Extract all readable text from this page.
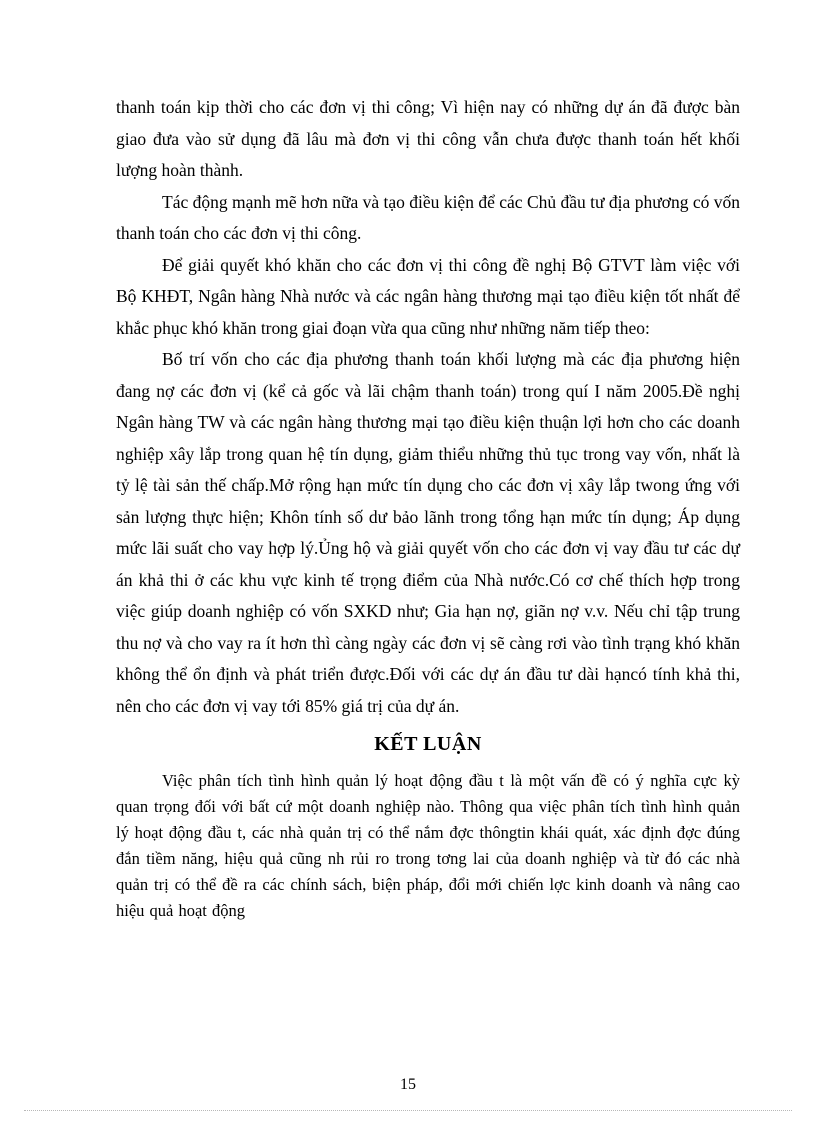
thanh toán kịp thời cho các đơn vị thi công; Vì hiện nay có những dự án đã được bàn giao đưa vào sử dụng đã lâu mà đơn vị thi công vẫn chưa được thanh toán hết khối lượng hoàn thành.

Tác động mạnh mẽ hơn nữa và tạo điều kiện để các Chủ đầu tư địa phương có vốn thanh toán cho các đơn vị thi công.

Để giải quyết khó khăn cho các đơn vị thi công đề nghị Bộ GTVT làm việc với Bộ KHĐT, Ngân hàng Nhà nước và các ngân hàng thương mại tạo điều kiện tốt nhất để khắc phục khó khăn trong giai đoạn vừa qua cũng như những năm tiếp theo:

Bố trí vốn cho các địa phương thanh toán khối lượng mà các địa phương hiện đang nợ các đơn vị (kể cả gốc và lãi chậm thanh toán) trong quí I năm 2005.Đề nghị Ngân hàng TW và các ngân hàng thương mại tạo điều kiện thuận lợi hơn cho các doanh nghiệp xây lắp trong quan hệ tín dụng, giảm thiểu những thủ tục trong vay vốn, nhất là tỷ lệ tài sản thế chấp.Mở rộng hạn mức tín dụng cho các đơn vị xây lắp twong ứng với sản lượng thực hiện; Khôn tính số dư bảo lãnh trong tổng hạn mức tín dụng; Áp dụng mức lãi suất cho vay hợp lý.Ủng hộ và giải quyết vốn cho các đơn vị vay đầu tư các dự án khả thi ở các khu vực kinh tế trọng điểm của Nhà nước.Có cơ chế thích hợp trong việc giúp doanh nghiệp có vốn SXKD như; Gia hạn nợ, giãn nợ v.v. Nếu chỉ tập trung thu nợ và cho vay ra ít hơn thì càng ngày các đơn vị sẽ càng rơi vào tình trạng khó khăn không thể ổn định và phát triển được.Đối với các dự án đầu tư dài hạncó tính khả thi, nên cho các đơn vị vay tới 85% giá trị của dự án.

KẾT LUẬN

Việc phân tích tình hình quản lý hoạt động đầu t là một vấn đề có ý nghĩa cực kỳ quan trọng đối với bất cứ một doanh nghiệp nào. Thông qua việc phân tích tình hình quản lý hoạt động đầu t, các nhà quản trị có thể nắm đợc thôngtin khái quát, xác định đợc đúng đắn tiềm năng, hiệu quả cũng nh rủi ro trong tơng lai của doanh nghiệp và từ đó các nhà quản trị có thể đề ra các chính sách, biện pháp, đổi mới chiến lợc kinh doanh và nâng cao hiệu quả hoạt động

15
